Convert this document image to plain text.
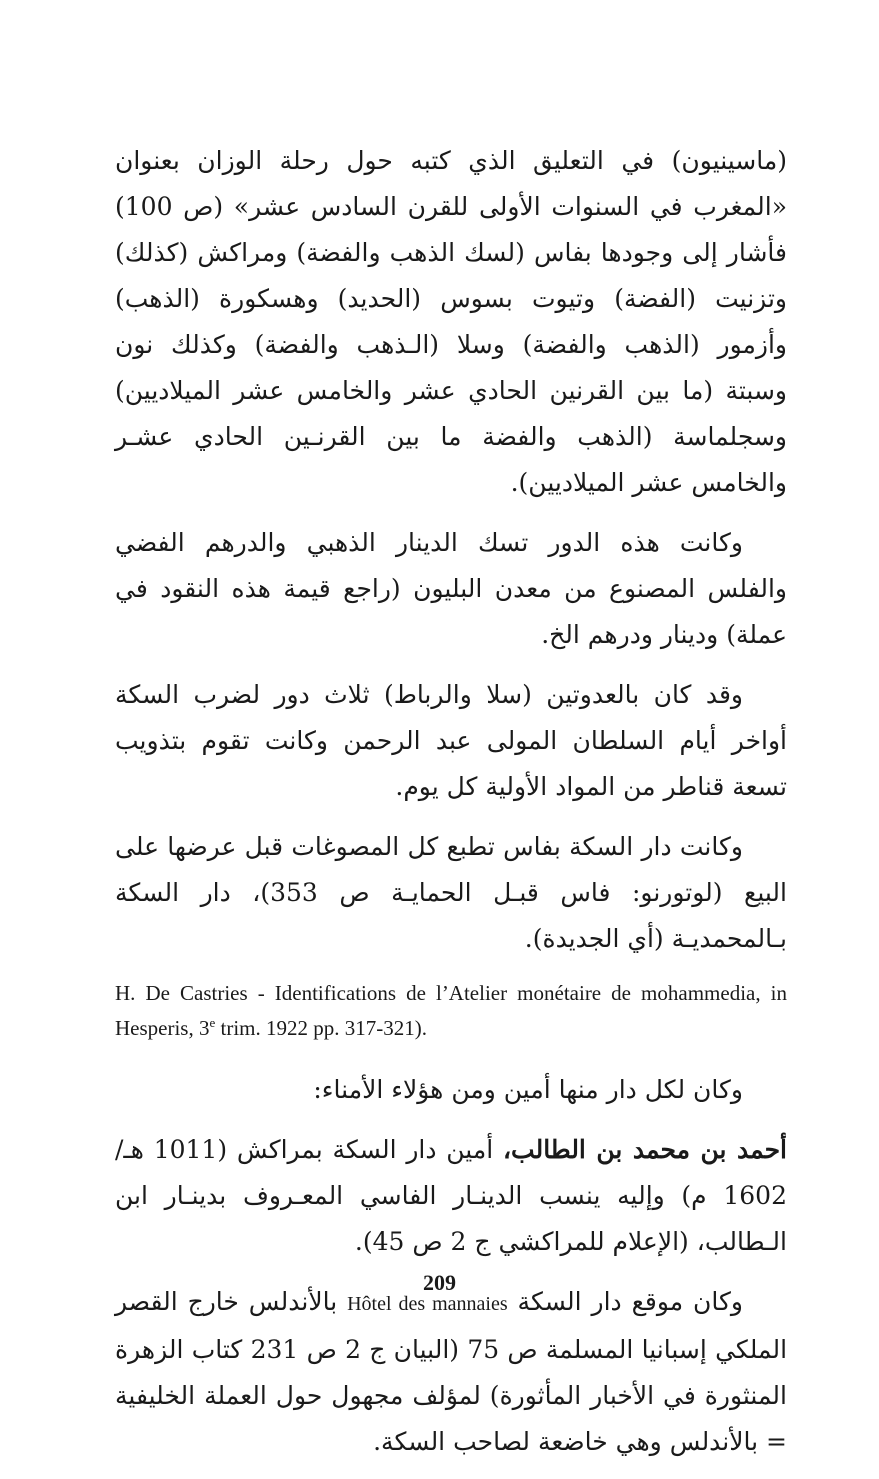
(ماسينيون) في التعليق الذي كتبه حول رحلة الوزان بعنوان «المغرب في السنوات الأولى للقرن السادس عشر» (ص 100) فأشار إلى وجودها بفاس (لسك الذهب والفضة) ومراكش (كذلك) وتزنيت (الفضة) وتيوت بسوس (الحديد) وهسكورة (الذهب) وأزمور (الذهب والفضة) وسلا (الـذهب والفضة) وكذلك نون وسبتة (ما بين القرنين الحادي عشر والخامس عشر الميلاديين) وسجلماسة (الذهب والفضة ما بين القرنـين الحادي عشـر والخامس عشر الميلاديين).

وكانت هذه الدور تسك الدينار الذهبي والدرهم الفضي والفلس المصنوع من معدن البليون (راجع قيمة هذه النقود في عملة) ودينار ودرهم الخ.

وقد كان بالعدوتين (سلا والرباط) ثلاث دور لضرب السكة أواخر أيام السلطان المولى عبد الرحمن وكانت تقوم بتذويب تسعة قناطر من المواد الأولية كل يوم.

وكانت دار السكة بفاس تطبع كل المصوغات قبل عرضها على البيع (لوتورنو: فاس قبـل الحمايـة ص 353)، دار السكة بـالمحمديـة (أي الجديدة).

H. De Castries - Identifications de l’Atelier monétaire de mohammedia, in Hesperis, 3e trim. 1922 pp. 317-321).

وكان لكل دار منها أمين ومن هؤلاء الأمناء:

أحمد بن محمد بن الطالب، أمين دار السكة بمراكش (1011 هـ/ 1602 م) وإليه ينسب الدينـار الفاسي المعـروف بدينـار ابن الـطالب، (الإعلام للمراكشي ج 2 ص 45).

وكان موقع دار السكة Hôtel des mannaies بالأندلس خارج القصر الملكي إسبانيا المسلمة ص 75 (البيان ج 2 ص 231 كتاب الزهرة المنثورة في الأخبار المأثورة) لمؤلف مجهول حول العملة الخليفية = بالأندلس وهي خاضعة لصاحب السكة.

209
